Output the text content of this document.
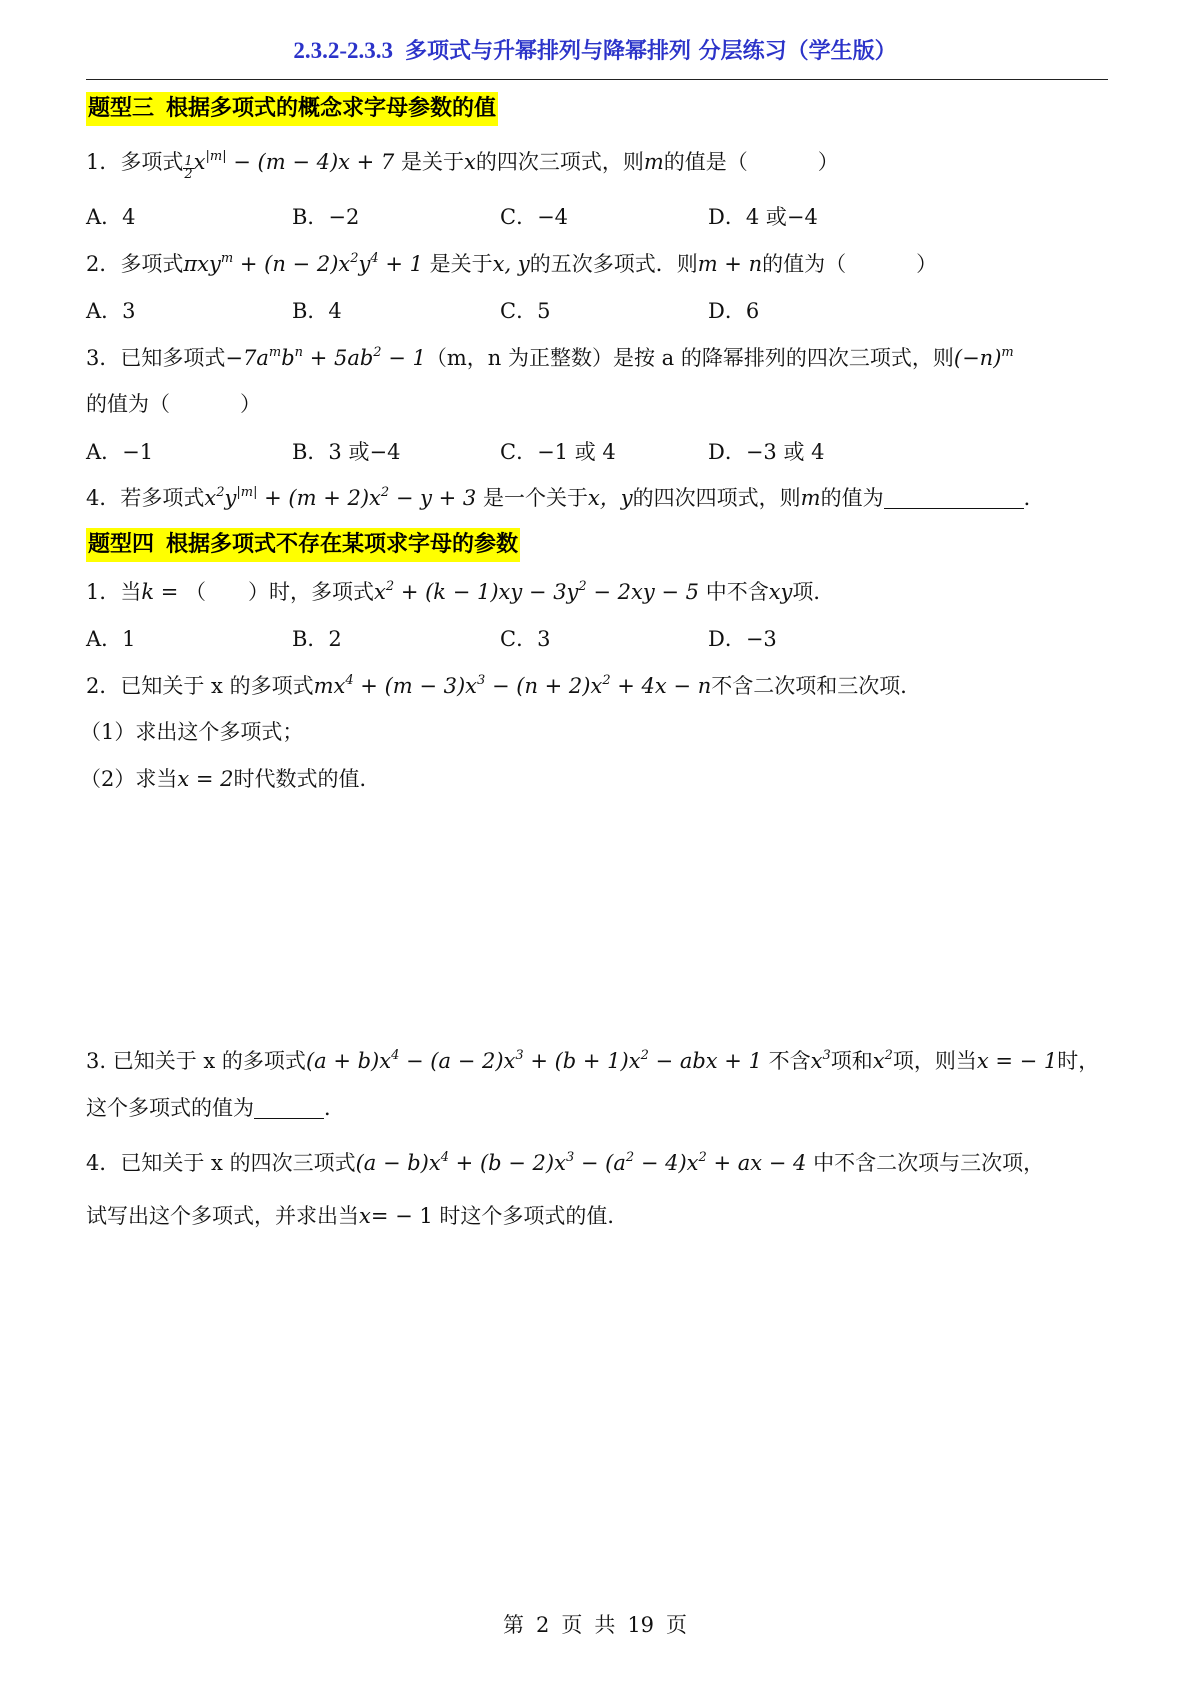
2.3.2-2.3.3 多项式与升幂排列与降幂排列 分层练习（学生版）
题型三 根据多项式的概念求字母参数的值
1．多项式 $\frac{1}{2} x^{|m|} - (m - 4)x + 7$ 是关于x的四次三项式，则m的值是（	）
A．4	B．−2	C．−4	D．4 或−4
2．多项式$\pi xy^m + (n - 2)x^2y^4 + 1$ 是关于x, y的五次多项式．则m + n的值为（	）
A．3	B．4	C．5	D．6
3．已知多项式$-7a^mb^n + 5ab^2 - 1(m$，n 为正整数）是按 a 的降幂排列的四次三项式，则$(-n)^m$
的值为（	）
A．−1	B．3 或−4	C．−1 或 4	D．−3 或 4
4．若多项式$x^2y^{|m|} + (m + 2)x^2 - y + 3$ 是一个关于x，y的四次四项式，则m的值为	．
题型四 根据多项式不存在某项求字母的参数
1．当k = （　　）时，多项式$x^2 + (k - 1)xy - 3y^2 - 2xy - 5$ 中不含xy项．
A．1	B．2	C．3	D．−3
2．已知关于 x 的多项式$mx^4 + (m - 3)x^3 - (n + 2)x^2 + 4x - n$不含二次项和三次项．
（1）求出这个多项式；
（2）求当x = 2时代数式的值．
3. 已知关于 x 的多项式$(a + b)x^4 - (a - 2)x^3 + (b + 1)x^2$ − abx + 1 不含$x^3$项和$x^2$项，则当x = − 1时，
这个多项式的值为	．
4．已知关于 x 的四次三项式$(a - b)x^4 + (b - 2)x^3 - (a^2 - 4)x^2$ + ax − 4 中不含二次项与三次项，
试写出这个多项式，并求出当x= − 1 时这个多项式的值．
第 2 页 共 19 页
